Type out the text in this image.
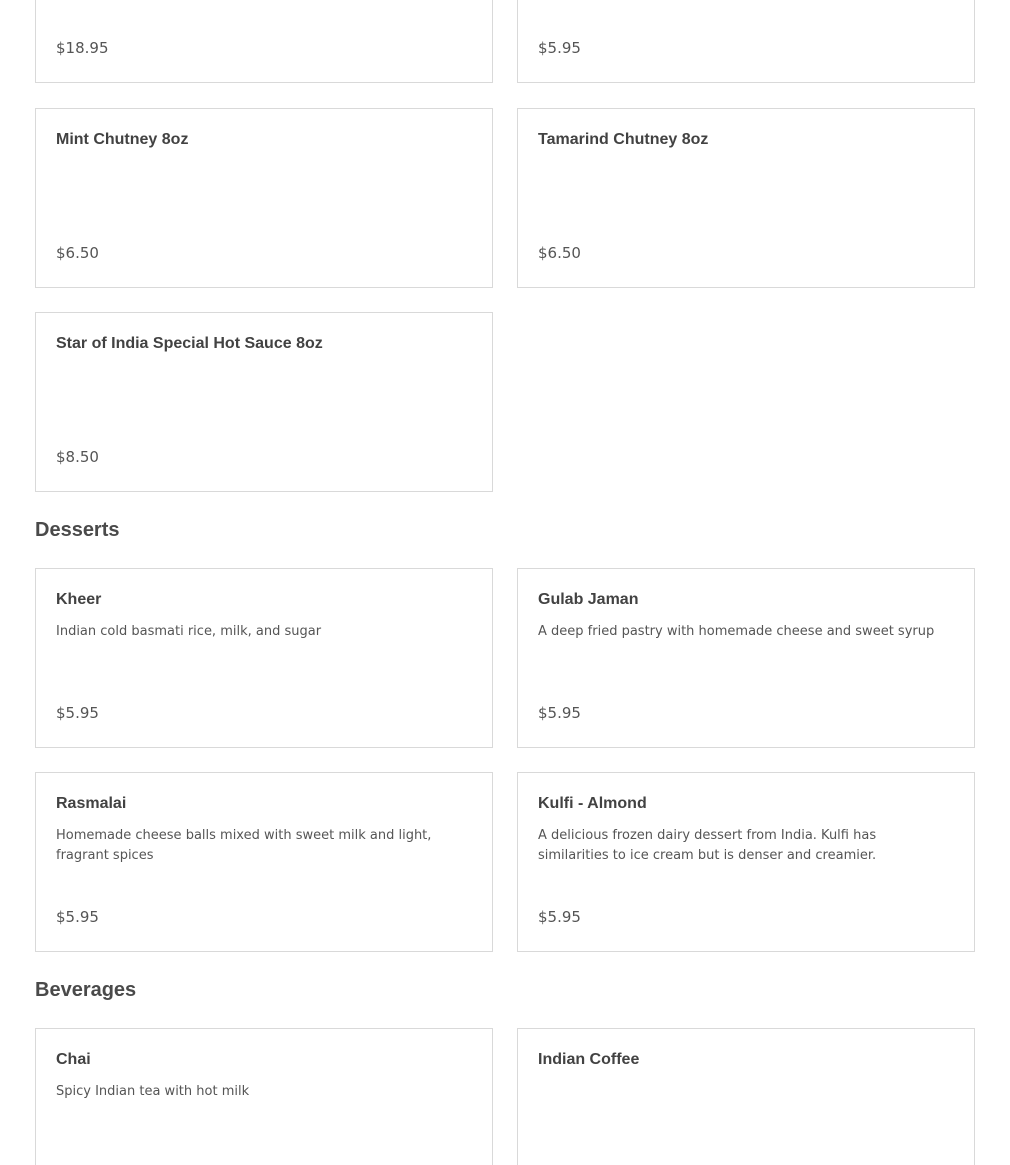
$18.95	$5.95
Mint Chutney 8oz
$6.50
Tamarind Chutney 8oz
$6.50
Star of India Special Hot Sauce 8oz
$8.50
Desserts
Kheer
Indian cold basmati rice, milk, and sugar
$5.95
Gulab Jaman
A deep fried pastry with homemade cheese and sweet syrup
$5.95
Rasmalai
Homemade cheese balls mixed with sweet milk and light, fragrant spices
$5.95
Kulfi - Almond
A delicious frozen dairy dessert from India. Kulfi has similarities to ice cream but is denser and creamier.
$5.95
Beverages
Chai
Spicy Indian tea with hot milk
Indian Coffee
